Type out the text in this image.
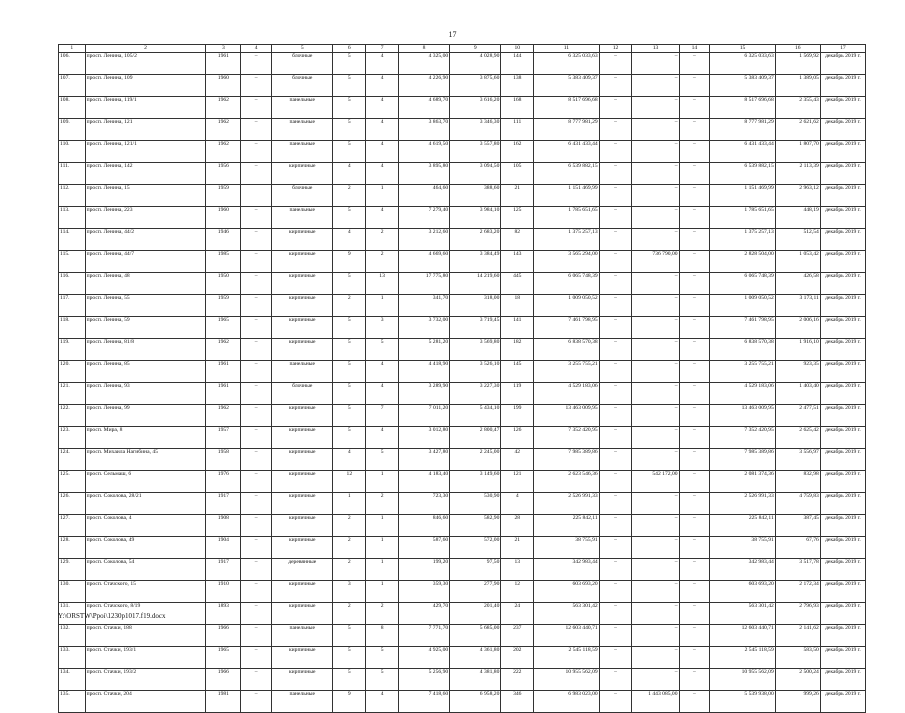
17
1	2	3	4	5	6	7	8	9	10	11	12	13	14	15	16	17
106.	просп. Ленина, 105/2	1961	–	блочные	5	4	4 325,00	4 028,90	144	6 325 033,63	–	–	–	6 325 033,63	1 569,92	декабрь 2019 г.
107.	просп. Ленина, 109	1960	–	блочные	5	4	4 226,90	3 875,60	138	5 383 409,37	–	–	–	5 383 409,37	1 389,05	декабрь 2019 г.
108.	просп. Ленина, 119/1	1962	–	панельные	5	4	4 689,70	3 616,20	168	8 517 696,68	–	–	–	8 517 696,68	2 355,43	декабрь 2019 г.
109.	просп. Ленина, 121	1962	–	панельные	5	4	3 863,70	3 346,30	111	8 777 981,29	–	–	–	8 777 981,29	2 621,62	декабрь 2019 г.
110.	просп. Ленина, 121/1	1962	–	панельные	5	4	4 619,50	3 557,80	162	6 431 433,44	–	–	–	6 431 433,44	1 807,70	декабрь 2019 г.
111.	просп. Ленина, 142	1956	–	кирпичные	4	4	3 895,80	3 094,50	105	6 539 882,15	–	–	–	6 539 882,15	2 113,39	декабрь 2019 г.
112.	просп. Ленина, 15	1959		блочные	2	1	464,60	388,60	21	1 151 469,99	–	–	–	1 151 469,99	2 963,12	декабрь 2019 г.
113.	просп. Ленина, 223	1960	–	панельные	5	4	7 279,40	3 984,10	125	1 785 651,65	–	–	–	1 785 651,65	448,19	декабрь 2019 г.
114.	просп. Ленина, 44/2	1946	–	кирпичные	4	2	3 212,60	2 683,20	82	1 375 257,13	–	–	–	1 375 257,13	512,54	декабрь 2019 г.
115.	просп. Ленина, 44/7	1985	–	кирпичные	9	2	4 669,60	3 384,49	143	3 565 294,00	–	736 790,00	–	2 828 504,00	1 053,42	декабрь 2019 г.
116.	просп. Ленина, 48	1950	–	кирпичные	5	13	17 775,80	14 219,60	445	6 065 748,39	–	–	–	6 065 748,39	426,58	декабрь 2019 г.
117.	просп. Ленина, 55	1959	–	кирпичные	2	1	341,70	318,00	18	1 009 050,52	–	–	–	1 009 050,52	3 173,11	декабрь 2019 г.
118.	просп. Ленина, 59	1965	–	кирпичные	5	3	3 732,00	3 719,45	141	7 461 798,95	–	–	–	7 461 798,95	2 006,16	декабрь 2019 г.
119.	просп. Ленина, 81/8	1962	–	кирпичные	5	5	5 281,20	3 569,80	182	6 838 570,38	–	–	–	6 838 570,38	1 916,10	декабрь 2019 г.
120.	просп. Ленина, 85	1961	–	панельные	5	4	4 418,90	3 526,10	145	3 255 755,21	–	–	–	3 255 755,21	923,35	декабрь 2019 г.
121.	просп. Ленина, 93	1961	–	блочные	5	4	3 289,90	3 227,30	119	4 529 183,06	–	–	–	4 529 183,06	1 403,40	декабрь 2019 г.
122.	просп. Ленина, 99	1962	–	кирпичные	5	7	7 011,20	5 434,10	199	13 463 009,95	–	–	–	13 463 009,95	2 477,51	декабрь 2019 г.
123.	просп. Мира, 8	1957	–	кирпичные	5	4	3 012,80	2 800,47	126	7 352 420,95	–	–	–	7 352 420,95	2 625,42	декабрь 2019 г.
124.	просп. Михаила Нагибина, 45	1958	–	кирпичные	4	5	3 427,80	2 245,00	42	7 985 389,86	–	–	–	7 985 389,86	3 556,97	декабрь 2019 г.
125.	просп. Сельмаш, 6	1976	–	кирпичные	12	1	4 183,40	3 149,60	121	2 623 546,36	–	542 172,00	–	2 081 374,36	832,98	декабрь 2019 г.
126.	просп. Соколова, 28/21	1917	–	кирпичные	1	2	723,30	530,90	4	2 526 991,33	–	–	–	2 526 991,33	4 759,83	декабрь 2019 г.
127.	просп. Соколова, 4	1908	–	кирпичные	2	1	846,60	582,90	28	225 842,11	–	–	–	225 842,11	387,45	декабрь 2019 г.
128.	просп. Соколова, 49	1904	–	кирпичные	2	1	587,60	572,00	21	38 755,91	–	–	–	38 755,91	67,76	декабрь 2019 г.
129.	просп. Соколова, 54	1917	–	деревянные	2	1	199,20	97,50	13	342 983,44	–	–	–	342 983,44	3 517,78	декабрь 2019 г.
130.	просп. Стачского, 15	1910	–	кирпичные	3	1	359,30	277,90	12	603 693,20	–	–	–	603 693,20	2 172,34	декабрь 2019 г.
131.	просп. Стачского, 8/19	1893	–	кирпичные	2	2	429,70	201,40	24	563 301,42	–	–	–	563 301,42	2 796,93	декабрь 2019 г.
132.	просп. Стачки, 188	1966	–	панельные	5	8	7 771,70	5 685,00	237	12 603 440,71	–	–	–	12 603 440,71	2 141,62	декабрь 2019 г.
133.	просп. Стачки, 193/1	1965	–	кирпичные	5	5	4 925,00	4 361,80	202	2 545 118,59	–	–	–	2 545 118,59	583,50	декабрь 2019 г.
134.	просп. Стачки, 193/2	1966	–	кирпичные	5	5	5 256,90	4 381,80	222	10 955 562,09	–	–	–	10 955 562,09	2 500,24	декабрь 2019 г.
135.	просп. Стачки, 204	1981	–	панельные	9	4	7 418,60	6 958,20	346	6 983 023,00	–	1 443 085,00	–	5 539 938,00	999,26	декабрь 2019 г.
Y:\ORSTW\Ppoi\1230p1017.f19.docx
